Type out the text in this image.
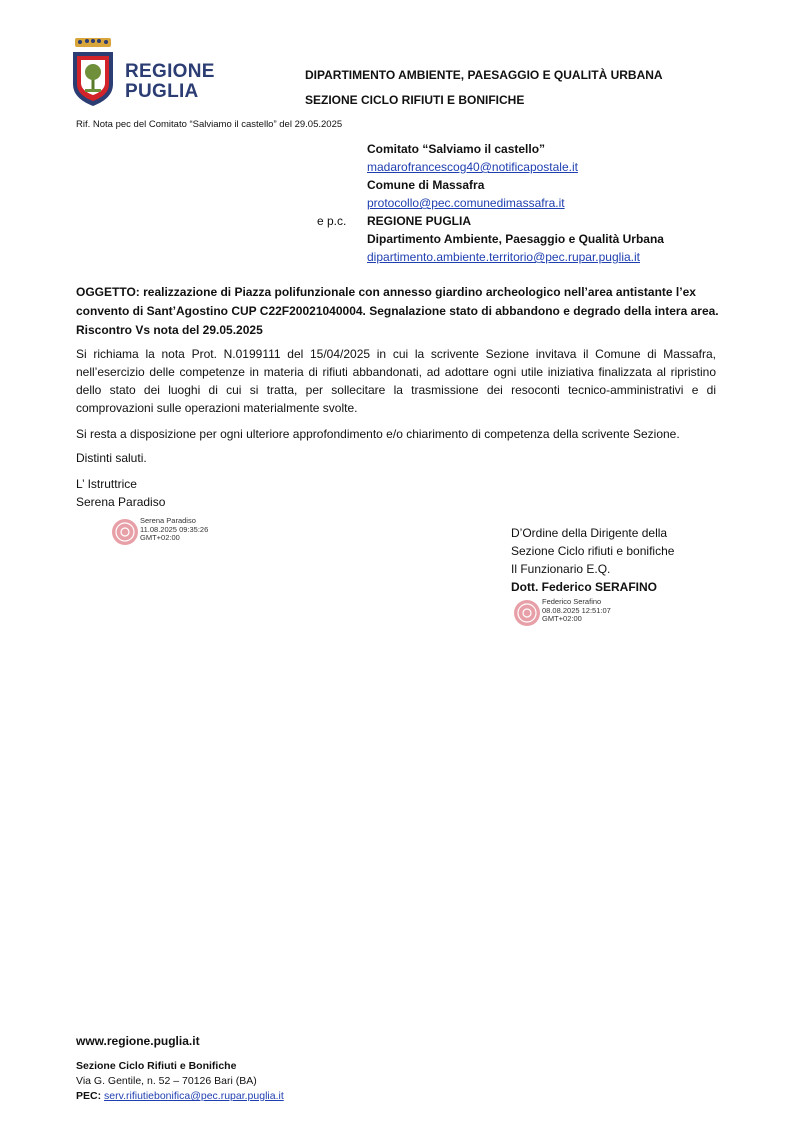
REGIONE
PUGLIA
DIPARTIMENTO AMBIENTE, PAESAGGIO E QUALITÀ URBANA
SEZIONE CICLO RIFIUTI E BONIFICHE
Rif. Nota pec del Comitato “Salviamo il castello” del 29.05.2025
Comitato “Salviamo il castello”
madarofrancescog40@notificapostale.it
Comune di Massafra
protocollo@pec.comunedimassafra.it
REGIONE PUGLIA
Dipartimento Ambiente, Paesaggio e Qualità Urbana
dipartimento.ambiente.territorio@pec.rupar.puglia.it
e p.c.
OGGETTO: realizzazione di Piazza polifunzionale con annesso giardino archeologico nell’area antistante l’ex
convento di Sant’Agostino CUP C22F20021040004. Segnalazione stato di abbandono e degrado della intera area.
Riscontro Vs nota del 29.05.2025
Si richiama la nota Prot. N.0199111 del 15/04/2025 in cui la scrivente Sezione invitava il Comune di Massafra, nell’esercizio delle competenze in materia di rifiuti abbandonati, ad adottare ogni utile iniziativa finalizzata al ripristino dello stato dei luoghi di cui si tratta, per sollecitare la trasmissione dei resoconti tecnico-amministrativi e di comprovazioni sulle operazioni materialmente svolte.
Si resta a disposizione per ogni ulteriore approfondimento e/o chiarimento di competenza della scrivente Sezione.
Distinti saluti.
L’ Istruttrice
Serena Paradiso
Serena Paradiso
11.08.2025 09:35:26
GMT+02:00	D’Ordine della Dirigente della
Sezione Ciclo rifiuti e bonifiche
Il Funzionario E.Q.
Dott. Federico SERAFINO
Federico Serafino
08.08.2025 12:51:07
GMT+02:00
www.regione.puglia.it
Sezione Ciclo Rifiuti e Bonifiche
Via G. Gentile, n. 52 – 70126 Bari (BA)
PEC: serv.rifiutiebonifica@pec.rupar.puglia.it
